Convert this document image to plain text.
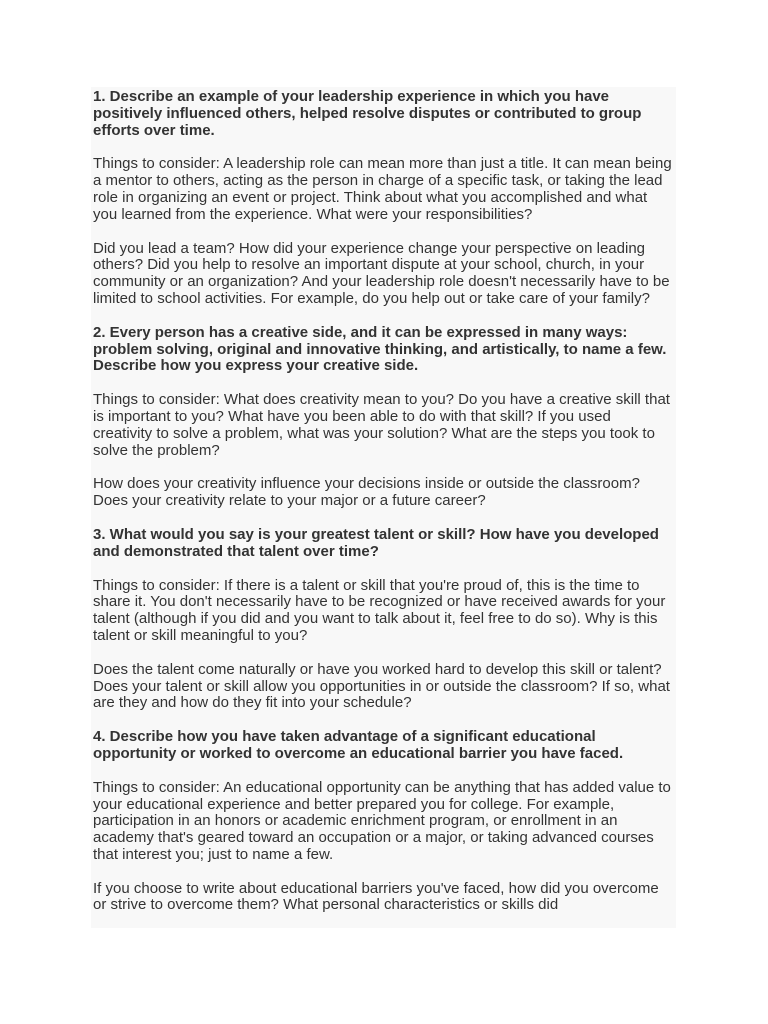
1. Describe an example of your leadership experience in which you have positively influenced others, helped resolve disputes or contributed to group efforts over time.

Things to consider: A leadership role can mean more than just a title. It can mean being a mentor to others, acting as the person in charge of a specific task, or taking the lead role in organizing an event or project. Think about what you accomplished and what you learned from the experience. What were your responsibilities?

Did you lead a team? How did your experience change your perspective on leading others? Did you help to resolve an important dispute at your school, church, in your community or an organization? And your leadership role doesn't necessarily have to be limited to school activities. For example, do you help out or take care of your family?

2. Every person has a creative side, and it can be expressed in many ways: problem solving, original and innovative thinking, and artistically, to name a few. Describe how you express your creative side.

Things to consider: What does creativity mean to you? Do you have a creative skill that is important to you? What have you been able to do with that skill? If you used creativity to solve a problem, what was your solution? What are the steps you took to solve the problem?

How does your creativity influence your decisions inside or outside the classroom? Does your creativity relate to your major or a future career?

3. What would you say is your greatest talent or skill? How have you developed and demonstrated that talent over time?

Things to consider: If there is a talent or skill that you're proud of, this is the time to share it. You don't necessarily have to be recognized or have received awards for your talent (although if you did and you want to talk about it, feel free to do so). Why is this talent or skill meaningful to you?

Does the talent come naturally or have you worked hard to develop this skill or talent? Does your talent or skill allow you opportunities in or outside the classroom? If so, what are they and how do they fit into your schedule?

4. Describe how you have taken advantage of a significant educational opportunity or worked to overcome an educational barrier you have faced.

Things to consider: An educational opportunity can be anything that has added value to your educational experience and better prepared you for college. For example, participation in an honors or academic enrichment program, or enrollment in an academy that's geared toward an occupation or a major, or taking advanced courses that interest you; just to name a few.

If you choose to write about educational barriers you've faced, how did you overcome or strive to overcome them? What personal characteristics or skills did
